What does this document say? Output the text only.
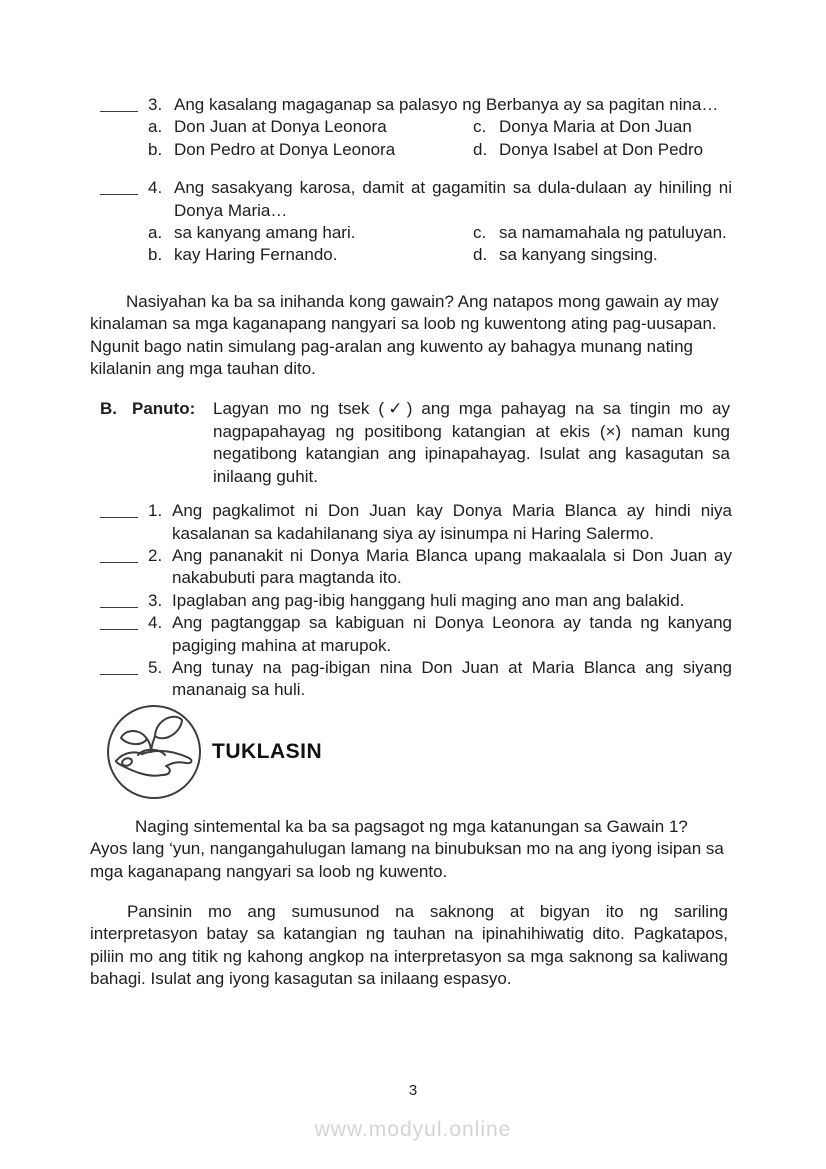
3. Ang kasalang magaganap sa palasyo ng Berbanya ay sa pagitan nina…
a. Don Juan at Donya Leonora	c. Donya Maria at Don Juan
b. Don Pedro at Donya Leonora	d. Donya Isabel at Don Pedro
4. Ang sasakyang karosa, damit at gagamitin sa dula-dulaan ay hiniling ni Donya Maria…
a. sa kanyang amang hari.	c. sa namamahala ng patuluyan.
b. kay Haring Fernando.	d. sa kanyang singsing.

Nasiyahan ka ba sa inihanda kong gawain? Ang natapos mong gawain ay may kinalaman sa mga kaganapang nangyari sa loob ng kuwentong ating pag-uusapan. Ngunit bago natin simulang pag-aralan ang kuwento ay bahagya munang nating kilalanin ang mga tauhan dito.

B. Panuto:	Lagyan mo ng tsek (✓) ang mga pahayag na sa tingin mo ay nagpapahayag ng positibong katangian at ekis (×) naman kung negatibong katangian ang ipinapahayag. Isulat ang kasagutan sa inilaang guhit.
1. Ang pagkalimot ni Don Juan kay Donya Maria Blanca ay hindi niya kasalanan sa kadahilanang siya ay isinumpa ni Haring Salermo.
2. Ang pananakit ni Donya Maria Blanca upang makaalala si Don Juan ay nakabubuti para magtanda ito.
3. Ipaglaban ang pag-ibig hanggang huli maging ano man ang balakid.
4. Ang pagtanggap sa kabiguan ni Donya Leonora ay tanda ng kanyang pagiging mahina at marupok.
5. Ang tunay na pag-ibigan nina Don Juan at Maria Blanca ang siyang mananaig sa huli.
TUKLASIN

Naging sintemental ka ba sa pagsagot ng mga katanungan sa Gawain 1? Ayos lang ‘yun, nangangahulugan lamang na binubuksan mo na ang iyong isipan sa mga kaganapang nangyari sa loob ng kuwento.

Pansinin mo ang sumusunod na saknong at bigyan ito ng sariling interpretasyon batay sa katangian ng tauhan na ipinahihiwatig dito. Pagkatapos, piliin mo ang titik ng kahong angkop na interpretasyon sa mga saknong sa kaliwang bahagi. Isulat ang iyong kasagutan sa inilaang espasyo.

3
www.modyul.online
